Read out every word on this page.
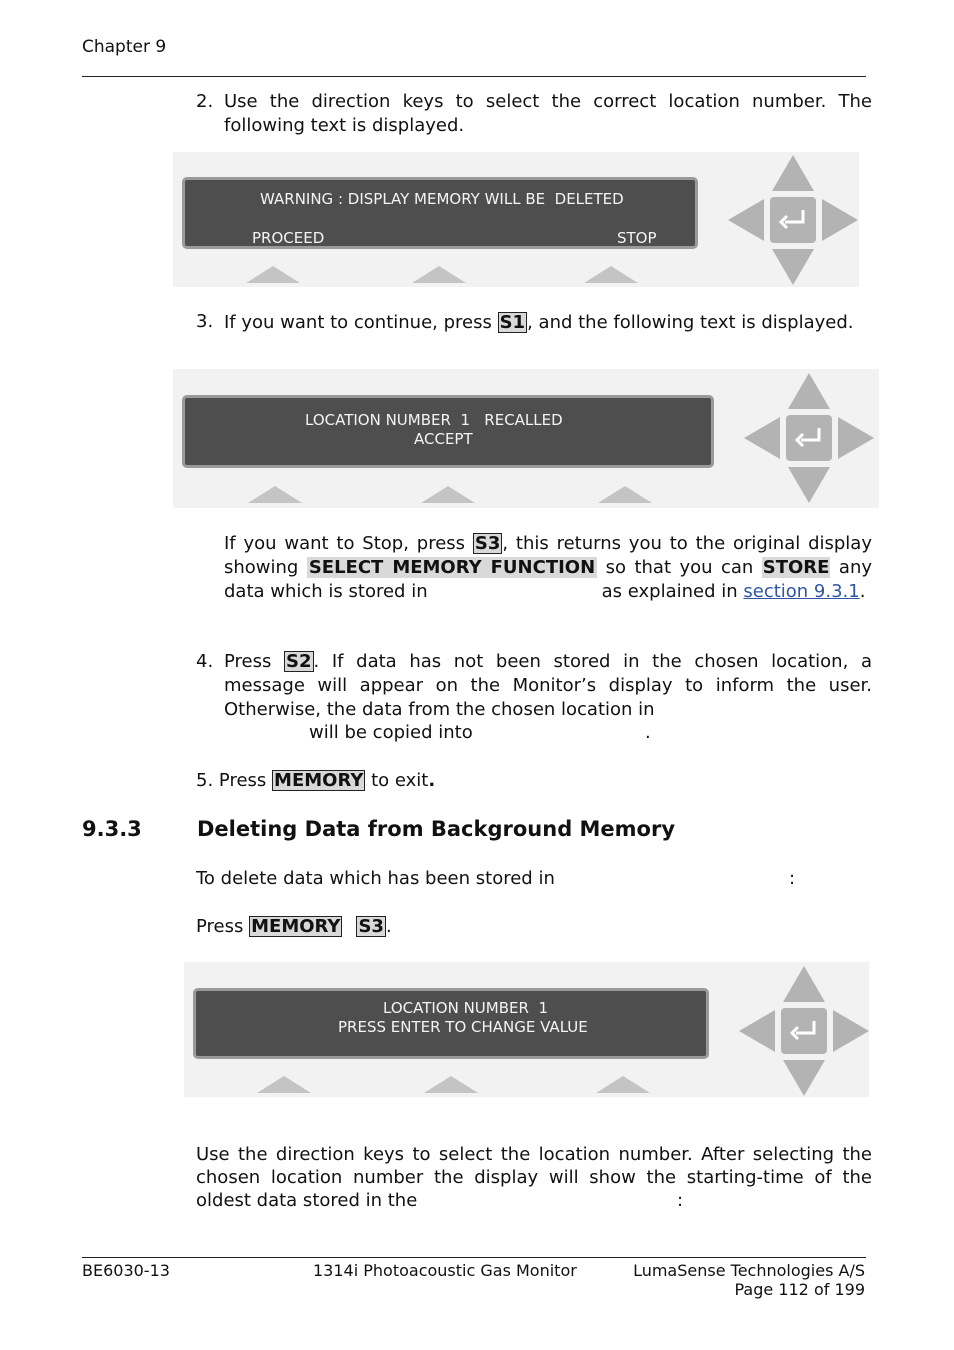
Chapter 9
2. Use the direction keys to select the correct location number. The following text is displayed.
WARNING : DISPLAY MEMORY WILL BE  DELETED
PROCEED	STOP
3. If you want to continue, press S1 , and the following text is displayed.
LOCATION NUMBER  1   RECALLED
ACCEPT
If you want to Stop, press S3 , this returns you to the original display showing SELECT MEMORY FUNCTION so that you can STORE any data which is stored in	as explained in section 9.3.1.
4. Press S2 . If data has not been stored in the chosen location, a message will appear on the Monitor’s display to inform the user. Otherwise, the data from the chosen location in
will be copied into	.
5. Press MEMORY to exit.
9.3.3	Deleting Data from Background Memory
To delete data which has been stored in	:
Press MEMORY S3 .
LOCATION NUMBER  1
PRESS ENTER TO CHANGE VALUE
Use the direction keys to select the location number. After selecting the chosen location number the display will show the starting-time of the oldest data stored in the	:
BE6030-13	1314i Photoacoustic Gas Monitor	LumaSense Technologies A/S
Page 112 of 199
